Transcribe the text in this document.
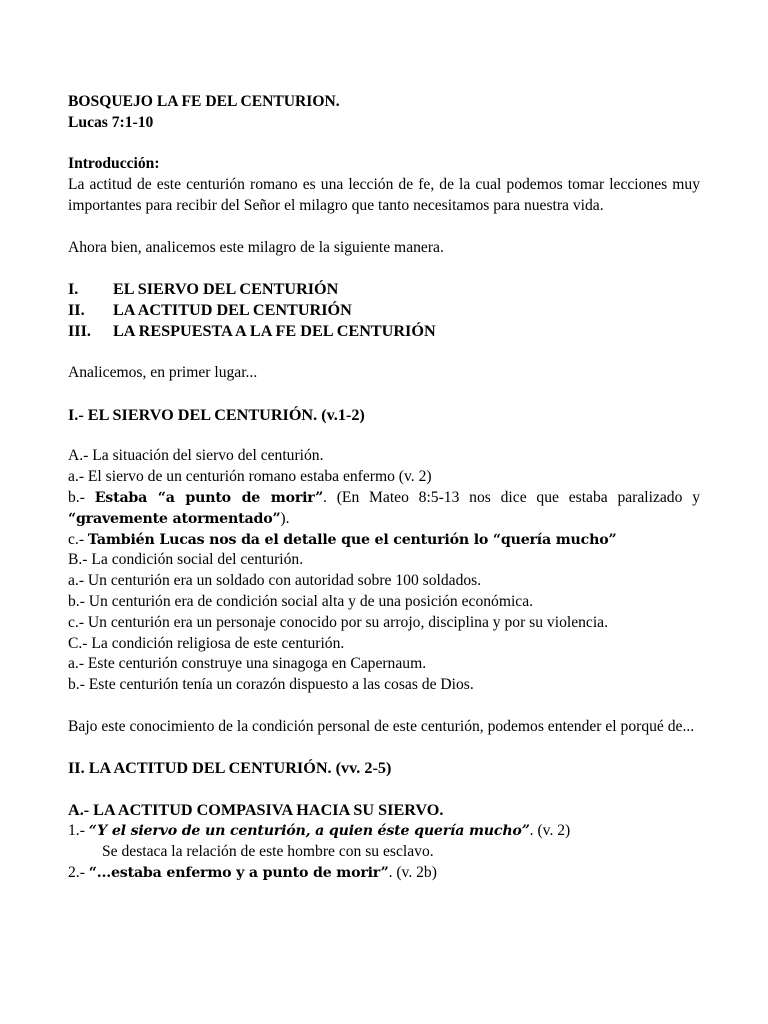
BOSQUEJO LA FE DEL CENTURION.

Lucas 7:1-10

Introducción:

La actitud de este centurión romano es una lección de fe, de la cual podemos tomar lecciones muy importantes para recibir del Señor el milagro que tanto necesitamos para nuestra vida.

Ahora bien, analicemos este milagro de la siguiente manera.

I.	EL SIERVO DEL CENTURIÓN
II.	LA ACTITUD DEL CENTURIÓN
III.	LA RESPUESTA A LA FE DEL CENTURIÓN

Analicemos, en primer lugar...

I.- EL SIERVO DEL CENTURIÓN. (v.1-2)

A.- La situación del siervo del centurión.

a.- El siervo de un centurión romano estaba enfermo (v. 2)

b.- Estaba “a punto de morir”. (En Mateo 8:5-13 nos dice que estaba paralizado y “gravemente atormentado”).

c.- También Lucas nos da el detalle que el centurión lo “quería mucho”

B.- La condición social del centurión.

a.- Un centurión era un soldado con autoridad sobre 100 soldados.

b.- Un centurión era de condición social alta y de una posición económica.

c.- Un centurión era un personaje conocido por su arrojo, disciplina y por su violencia.

C.- La condición religiosa de este centurión.

a.- Este centurión construye una sinagoga en Capernaum.

b.- Este centurión tenía un corazón dispuesto a las cosas de Dios.

Bajo este conocimiento de la condición personal de este centurión, podemos entender el porqué de...

II. LA ACTITUD DEL CENTURIÓN. (vv. 2-5)

A.- LA ACTITUD COMPASIVA HACIA SU SIERVO.

1.- “Y el siervo de un centurión, a quien éste quería mucho”. (v. 2)

Se destaca la relación de este hombre con su esclavo.

2.- “...estaba enfermo y a punto de morir”. (v. 2b)
